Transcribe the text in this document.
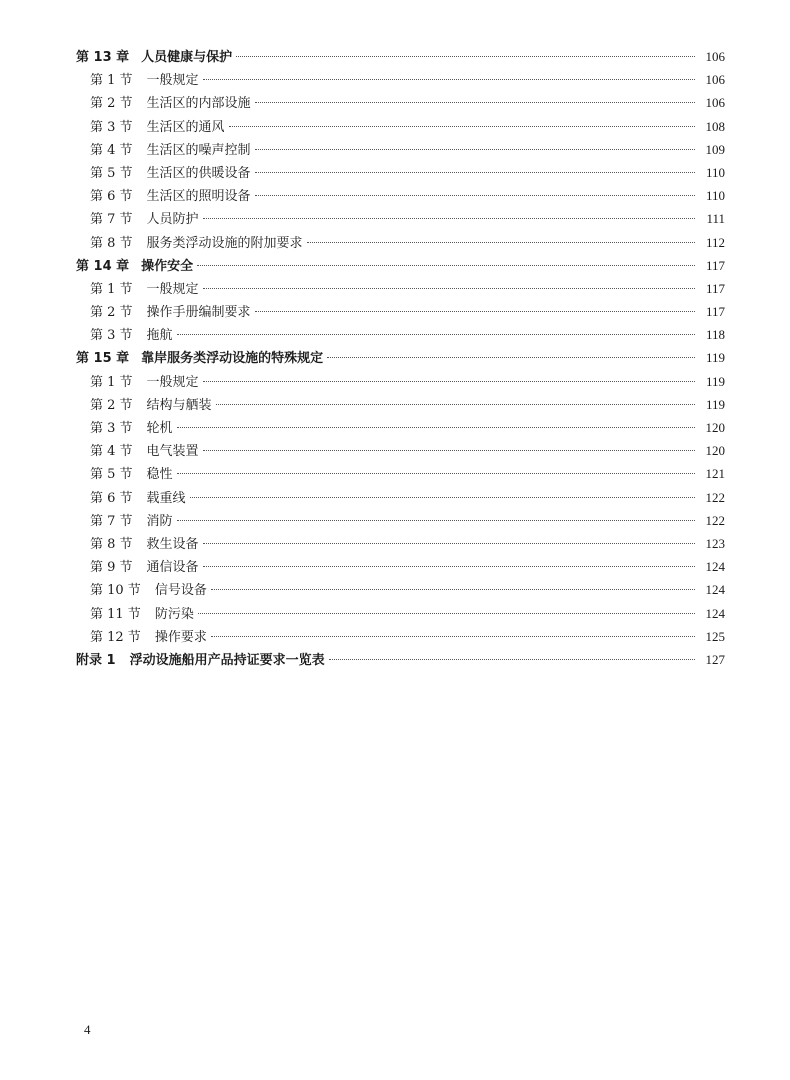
第 13 章 人员健康与保护	106
第 1 节 一般规定	106
第 2 节 生活区的内部设施	106
第 3 节 生活区的通风	108
第 4 节 生活区的噪声控制	109
第 5 节 生活区的供暖设备	110
第 6 节 生活区的照明设备	110
第 7 节 人员防护	111
第 8 节 服务类浮动设施的附加要求	112
第 14 章 操作安全	117
第 1 节 一般规定	117
第 2 节 操作手册编制要求	117
第 3 节 拖航	118
第 15 章 靠岸服务类浮动设施的特殊规定	119
第 1 节 一般规定	119
第 2 节 结构与舾装	119
第 3 节 轮机	120
第 4 节 电气装置	120
第 5 节 稳性	121
第 6 节 载重线	122
第 7 节 消防	122
第 8 节 救生设备	123
第 9 节 通信设备	124
第 10 节 信号设备	124
第 11 节 防污染	124
第 12 节 操作要求	125
附录 1 浮动设施船用产品持证要求一览表	127
4
